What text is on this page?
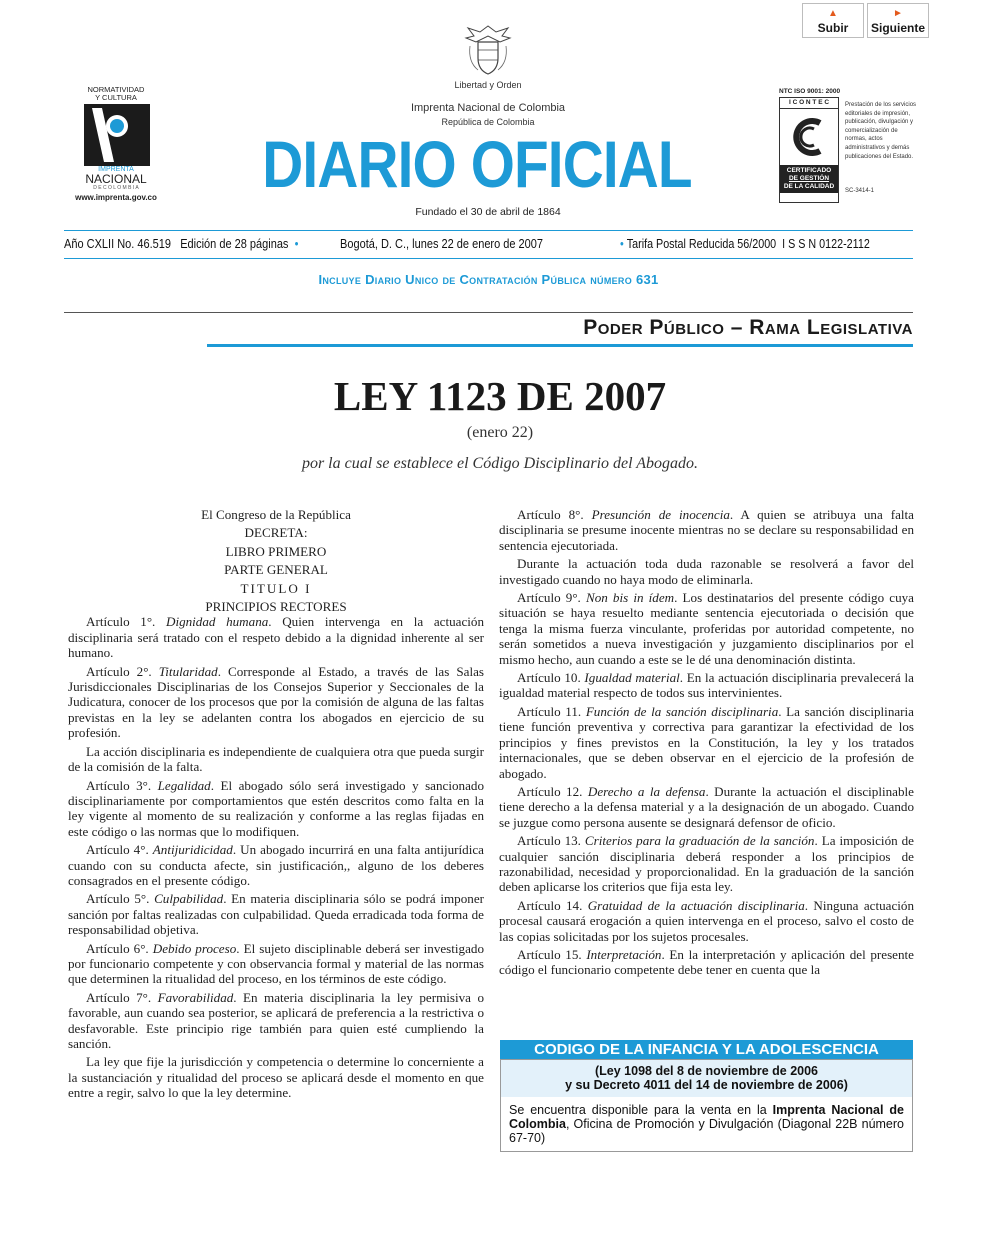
▲
Subir
►
Siguiente
Libertad y Orden
NORMATIVIDAD
Y CULTURA
IMPRENTA
NACIONAL
D E C O L O M B I A
www.imprenta.gov.co
Imprenta Nacional de Colombia
República de Colombia
DIARIO OFICIAL
Fundado el 30 de abril de 1864
NTC ISO 9001: 2000
I C O N T E C
CERTIFICADO
DE GESTIÓN
DE LA CALIDAD
Prestación de los servicios editoriales de impresión, publicación, divulgación y comercialización de normas, actos administrativos y demás publicaciones del Estado.
SC-3414-1
Año CXLII No. 46.519 Edición de 28 páginas  •	Bogotá, D. C., lunes 22 de enero de 2007	• Tarifa Postal Reducida 56/2000 I S S N 0122-2112
Incluye Diario Unico de Contratación Pública número 631
Poder Público – Rama Legislativa
LEY 1123 DE 2007
(enero 22)
por la cual se establece el Código Disciplinario del Abogado.

El Congreso de la República

DECRETA:

LIBRO PRIMERO

PARTE GENERAL

TITULO I

PRINCIPIOS RECTORES

Artículo 1°. Dignidad humana. Quien intervenga en la actuación disciplinaria será tratado con el respeto debido a la dignidad inherente al ser humano.

Artículo 2°. Titularidad. Corresponde al Estado, a través de las Salas Jurisdiccionales Disciplinarias de los Consejos Superior y Seccionales de la Judicatura, conocer de los procesos que por la comisión de alguna de las faltas previstas en la ley se adelanten contra los abogados en ejercicio de su profesión.

La acción disciplinaria es independiente de cualquiera otra que pueda surgir de la comisión de la falta.

Artículo 3°. Legalidad. El abogado sólo será investigado y sancionado disciplinariamente por comportamientos que estén descritos como falta en la ley vigente al momento de su realización y conforme a las reglas fijadas en este código o las normas que lo modifiquen.

Artículo 4°. Antijuridicidad. Un abogado incurrirá en una falta antijurídica cuando con su conducta afecte, sin justificación,, alguno de los deberes consagrados en el presente código.

Artículo 5°. Culpabilidad. En materia disciplinaria sólo se podrá imponer sanción por faltas realizadas con culpabilidad. Queda erradicada toda forma de responsabilidad objetiva.

Artículo 6°. Debido proceso. El sujeto disciplinable deberá ser investigado por funcionario competente y con observancia formal y material de las normas que determinen la ritualidad del proceso, en los términos de este código.

Artículo 7°. Favorabilidad. En materia disciplinaria la ley permisiva o favorable, aun cuando sea posterior, se aplicará de preferencia a la restrictiva o desfavorable. Este principio rige también para quien esté cumpliendo la sanción.

La ley que fije la jurisdicción y competencia o determine lo concerniente a la sustanciación y ritualidad del proceso se aplicará desde el momento en que entre a regir, salvo lo que la ley determine.

Artículo 8°. Presunción de inocencia. A quien se atribuya una falta disciplinaria se presume inocente mientras no se declare su responsabilidad en sentencia ejecutoriada.

Durante la actuación toda duda razonable se resolverá a favor del investigado cuando no haya modo de eliminarla.

Artículo 9°. Non bis in ídem. Los destinatarios del presente código cuya situación se haya resuelto mediante sentencia ejecutoriada o decisión que tenga la misma fuerza vinculante, proferidas por autoridad competente, no serán sometidos a nueva investigación y juzgamiento disciplinarios por el mismo hecho, aun cuando a este se le dé una denominación distinta.

Artículo 10. Igualdad material. En la actuación disciplinaria prevalecerá la igualdad material respecto de todos sus intervinientes.

Artículo 11. Función de la sanción disciplinaria. La sanción disciplinaria tiene función preventiva y correctiva para garantizar la efectividad de los principios y fines previstos en la Constitución, la ley y los tratados internacionales, que se deben observar en el ejercicio de la profesión de abogado.

Artículo 12. Derecho a la defensa. Durante la actuación el disciplinable tiene derecho a la defensa material y a la designación de un abogado. Cuando se juzgue como persona ausente se designará defensor de oficio.

Artículo 13. Criterios para la graduación de la sanción. La imposición de cualquier sanción disciplinaria deberá responder a los principios de razonabilidad, necesidad y proporcionalidad. En la graduación de la sanción deben aplicarse los criterios que fija esta ley.

Artículo 14. Gratuidad de la actuación disciplinaria. Ninguna actuación procesal causará erogación a quien intervenga en el proceso, salvo el costo de las copias solicitadas por los sujetos procesales.

Artículo 15. Interpretación. En la interpretación y aplicación del presente código el funcionario competente debe tener en cuenta que la

CODIGO DE LA INFANCIA Y LA ADOLESCENCIA
(Ley 1098 del 8 de noviembre de 2006
y su Decreto 4011 del 14 de noviembre de 2006)
Se encuentra disponible para la venta en la Imprenta Nacional de Colombia, Oficina de Promoción y Divulgación (Diagonal 22B número 67-70)
